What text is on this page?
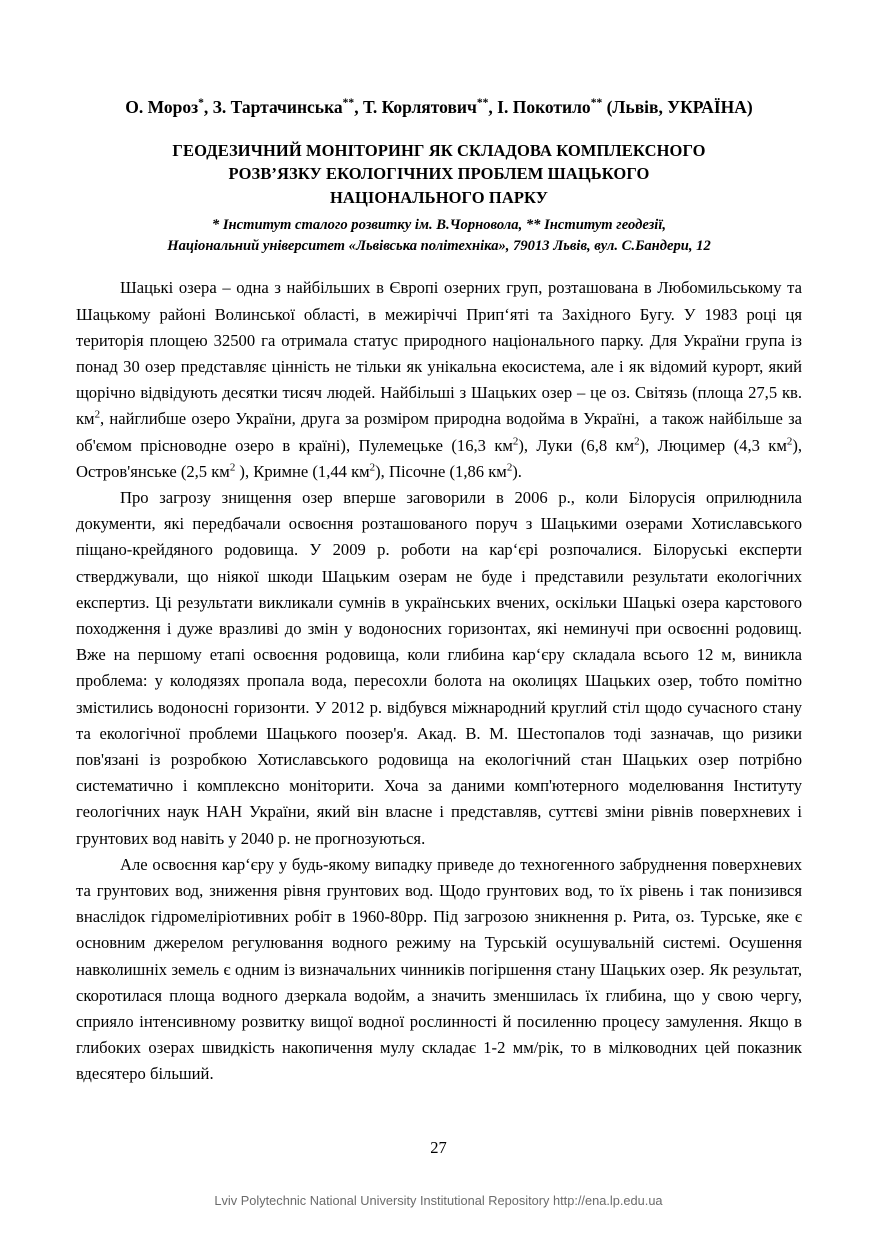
О. Мороз*, З. Тартачинська**, Т. Корлятович**, І. Покотило** (Львів, УКРАЇНА)
ГЕОДЕЗИЧНИЙ МОНІТОРИНГ ЯК СКЛАДОВА КОМПЛЕКСНОГО
РОЗВ’ЯЗКУ ЕКОЛОГІЧНИХ ПРОБЛЕМ ШАЦЬКОГО
НАЦІОНАЛЬНОГО ПАРКУ
* Інститут сталого розвитку ім. В.Чорновола, ** Інститут геодезії,
Національний університет «Львівська політехніка», 79013 Львів, вул. С.Бандери, 12

Шацькі озера – одна з найбільших в Європі озерних груп, розташована в Любомильському та Шацькому районі Волинської області, в межиріччі Прип‘яті та Західного Бугу. У 1983 році ця територія площею 32500 га отримала статус природного національного парку. Для України група із понад 30 озер представляє цінність не тільки як унікальна екосистема, але і як відомий курорт, який щорічно відвідують десятки тисяч людей. Найбільші з Шацьких озер – це оз. Світязь (площа 27,5 кв. $км^2$, найглибше озеро України, друга за розміром природна водойма в Україні,  а також найбільше за об'ємом прісноводне озеро в країні), Пулемецьке (16,3 $км^2$), Луки (6,8 $км^2$), Люцимер (4,3 $км^2$), Остров'янське (2,5 $км^2$ ), Кримне (1,44 $км^2$), Пісочне (1,86 $км^2$).

Про загрозу знищення озер вперше заговорили в 2006 р., коли Білорусія оприлюднила документи, які передбачали освоєння розташованого поруч з Шацькими озерами Хотиславського піщано-крейдяного родовища. У 2009 р. роботи на кар‘єрі розпочалися. Білоруські експерти стверджували, що ніякої шкоди Шацьким озерам не буде і представили результати екологічних експертиз. Ці результати викликали сумнів в українських вчених, оскільки Шацькі озера карстового походження і дуже вразливі до змін у водоносних горизонтах, які неминучі при освоєнні родовищ. Вже на першому етапі освоєння родовища, коли глибина кар‘єру складала всього 12 м, виникла проблема: у колодязях пропала вода, пересохли болота на околицях Шацьких озер, тобто помітно змістились водоносні горизонти. У 2012 р. відбувся міжнародний круглий стіл щодо сучасного стану та екологічної проблеми Шацького поозер'я. Акад. В. М. Шестопалов тоді зазначав, що ризики пов'язані із розробкою Хотиславського родовища на екологічний стан Шацьких озер потрібно систематично і комплексно моніторити. Хоча за даними комп'ютерного моделювання Інституту геологічних наук НАН України, який він власне і представляв, суттєві зміни рівнів поверхневих і грунтових вод навіть у 2040 р. не прогнозуються.

Але освоєння кар‘єру у будь-якому випадку приведе до техногенного забруднення поверхневих та грунтових вод, зниження рівня грунтових вод. Щодо грунтових вод, то їх рівень і так понизився внаслідок гідромеліріотивних робіт в 1960-80рр. Під загрозою зникнення р. Рита, оз. Турське, яке є основним джерелом регулювання водного режиму на Турській осушувальній системі. Осушення навколишніх земель є одним із визначальних чинників погіршення стану Шацьких озер. Як результат, скоротилася площа водного дзеркала водойм, а значить зменшилась їх глибина, що у свою чергу, сприяло інтенсивному розвитку вищої водної рослинності й посиленню процесу замулення. Якщо в глибоких озерах швидкість накопичення мулу складає 1-2 мм/рік, то в мілководних цей показник вдесятеро більший.

27
Lviv Polytechnic National University Institutional Repository http://ena.lp.edu.ua
